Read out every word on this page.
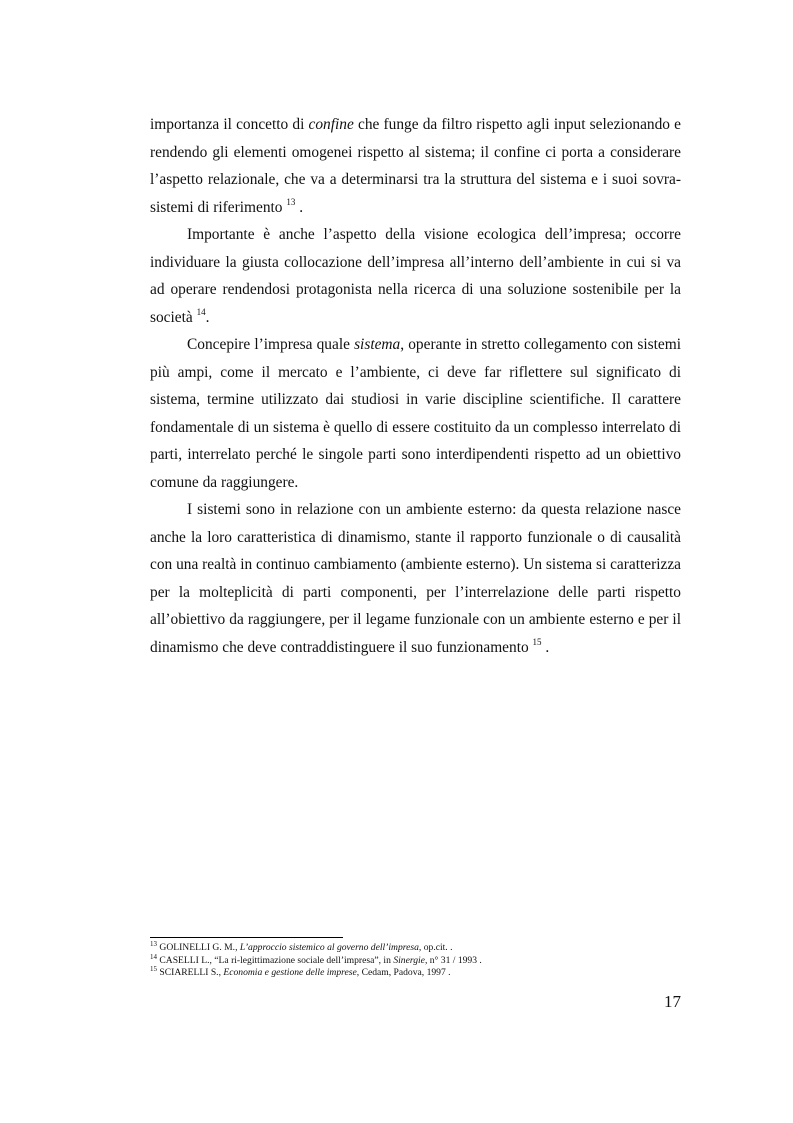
importanza il concetto di confine che funge da filtro rispetto agli input selezionando e rendendo gli elementi omogenei rispetto al sistema; il confine ci porta a considerare l’aspetto relazionale, che va a determinarsi tra la struttura del sistema e i suoi sovra-sistemi di riferimento $^{13}$ .

Importante è anche l’aspetto della visione ecologica dell’impresa; occorre individuare la giusta collocazione dell’impresa all’interno dell’ambiente in cui si va ad operare rendendosi protagonista nella ricerca di una soluzione sostenibile per la società $^{14}$.

Concepire l’impresa quale sistema, operante in stretto collegamento con sistemi più ampi, come il mercato e l’ambiente, ci deve far riflettere sul significato di sistema, termine utilizzato dai studiosi in varie discipline scientifiche. Il carattere fondamentale di un sistema è quello di essere costituito da un complesso interrelato di parti, interrelato perché le singole parti sono interdipendenti rispetto ad un obiettivo comune da raggiungere.

I sistemi sono in relazione con un ambiente esterno: da questa relazione nasce anche la loro caratteristica di dinamismo, stante il rapporto funzionale o di causalità con una realtà in continuo cambiamento (ambiente esterno). Un sistema si caratterizza per la molteplicità di parti componenti, per l’interrelazione delle parti rispetto all’obiettivo da raggiungere, per il legame funzionale con un ambiente esterno e per il dinamismo che deve contraddistinguere il suo funzionamento $^{15}$ .

$^{13}$ GOLINELLI G. M., L’approccio sistemico al governo dell’impresa, op.cit. .
$^{14}$ CASELLI L., “La ri-legittimazione sociale dell’impresa”, in Sinergie, n° 31 / 1993 .
$^{15}$ SCIARELLI S., Economia e gestione delle imprese, Cedam, Padova, 1997 .
17
